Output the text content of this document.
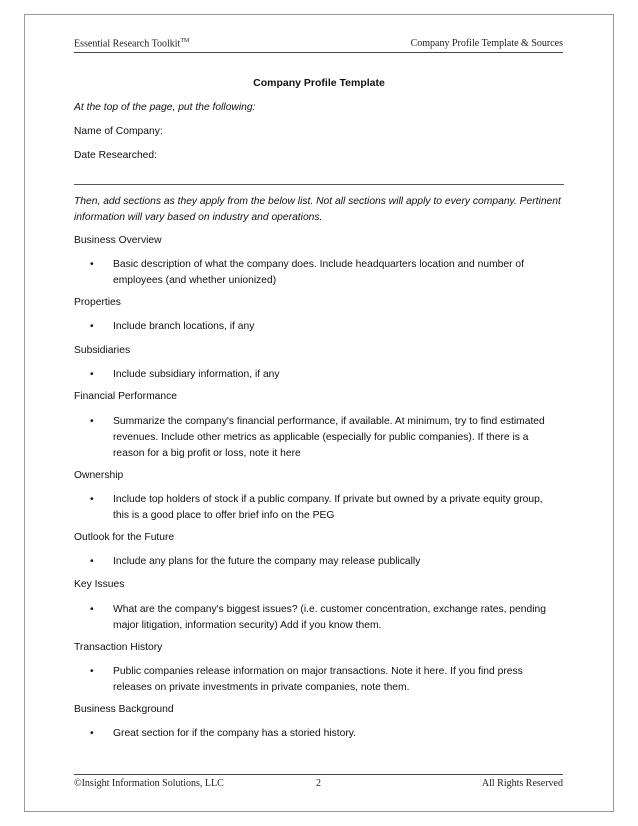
Essential Research Toolkit™	Company Profile Template & Sources

Company Profile Template

At the top of the page, put the following:

Name of Company:

Date Researched:

Then, add sections as they apply from the below list. Not all sections will apply to every company. Pertinent information will vary based on industry and operations.

Business Overview
• Basic description of what the company does. Include headquarters location and number of employees (and whether unionized)
Properties
• Include branch locations, if any
Subsidiaries
• Include subsidiary information, if any
Financial Performance
• Summarize the company's financial performance, if available. At minimum, try to find estimated revenues. Include other metrics as applicable (especially for public companies). If there is a reason for a big profit or loss, note it here
Ownership
• Include top holders of stock if a public company. If private but owned by a private equity group, this is a good place to offer brief info on the PEG
Outlook for the Future
• Include any plans for the future the company may release publically
Key Issues
• What are the company's biggest issues? (i.e. customer concentration, exchange rates, pending major litigation, information security) Add if you know them.
Transaction History
• Public companies release information on major transactions. Note it here. If you find press releases on private investments in private companies, note them.
Business Background
• Great section for if the company has a storied history.
©Insight Information Solutions, LLC	2	All Rights Reserved
